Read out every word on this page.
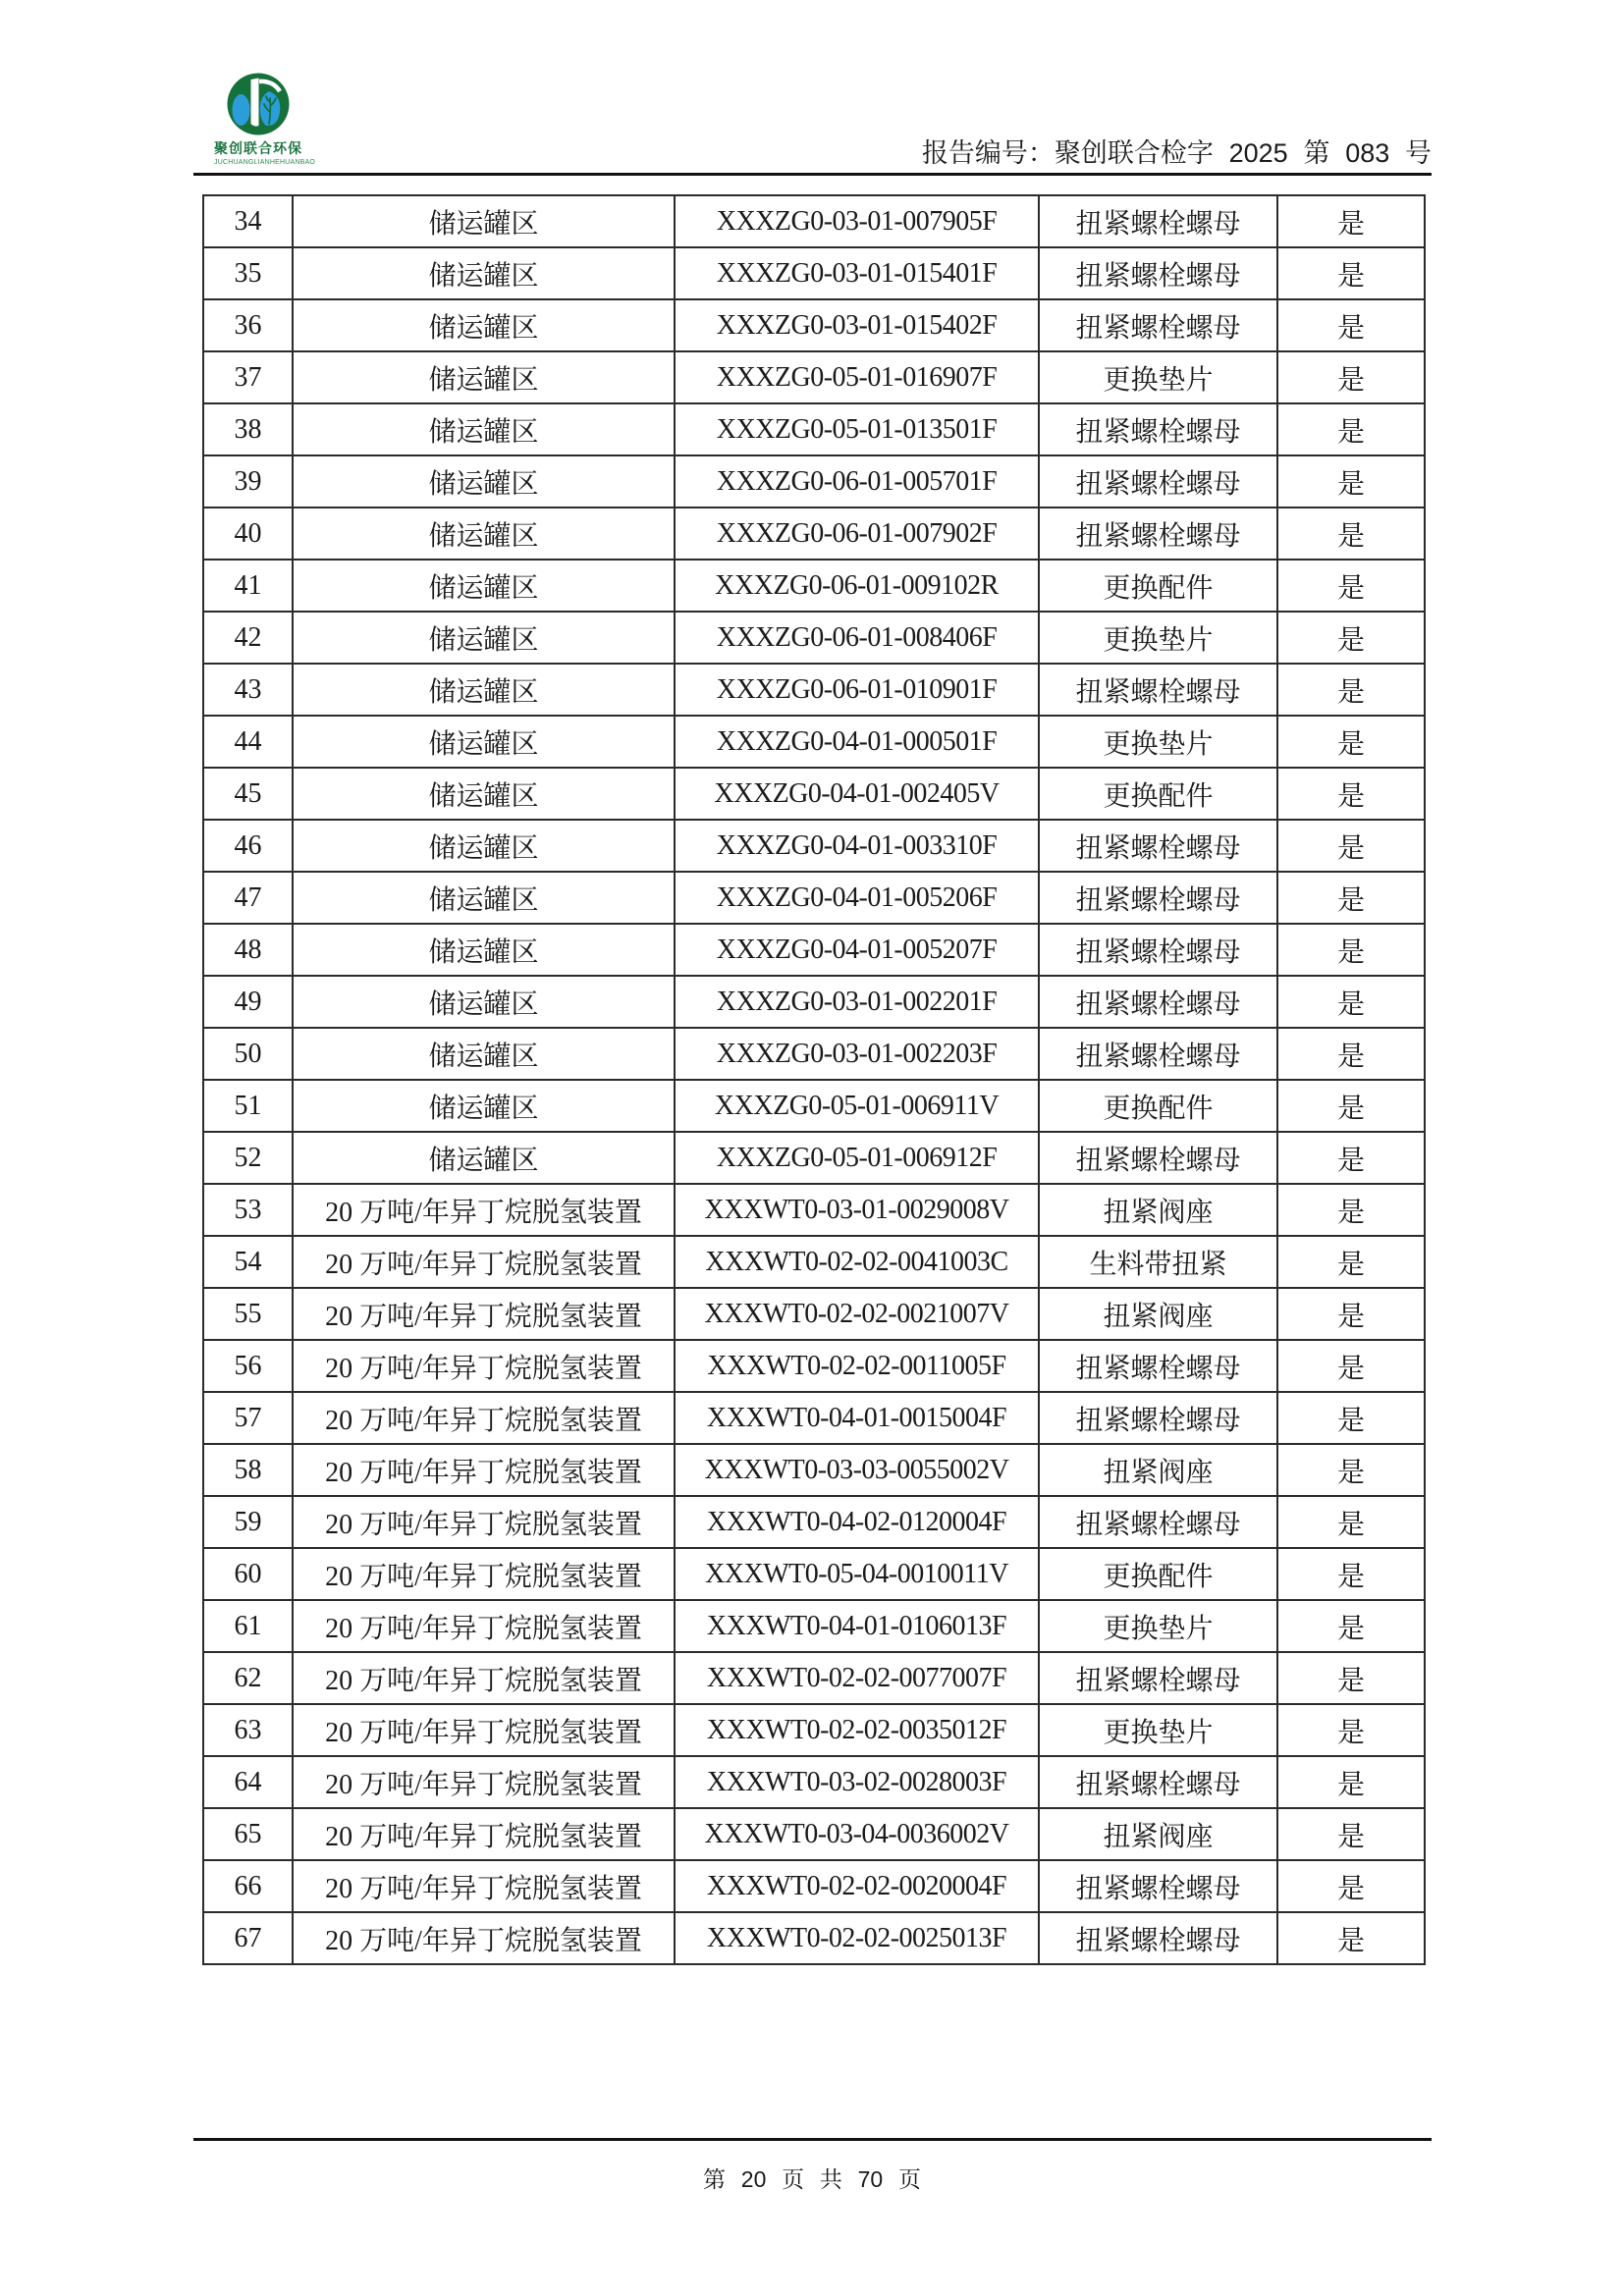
聚创联合环保
JUCHUANGLIANHEHUANBAO	报告编号：聚创联合检字 2025 第 083 号
34	储运罐区	XXXZG0-03-01-007905F	扭紧螺栓螺母	是
35	储运罐区	XXXZG0-03-01-015401F	扭紧螺栓螺母	是
36	储运罐区	XXXZG0-03-01-015402F	扭紧螺栓螺母	是
37	储运罐区	XXXZG0-05-01-016907F	更换垫片	是
38	储运罐区	XXXZG0-05-01-013501F	扭紧螺栓螺母	是
39	储运罐区	XXXZG0-06-01-005701F	扭紧螺栓螺母	是
40	储运罐区	XXXZG0-06-01-007902F	扭紧螺栓螺母	是
41	储运罐区	XXXZG0-06-01-009102R	更换配件	是
42	储运罐区	XXXZG0-06-01-008406F	更换垫片	是
43	储运罐区	XXXZG0-06-01-010901F	扭紧螺栓螺母	是
44	储运罐区	XXXZG0-04-01-000501F	更换垫片	是
45	储运罐区	XXXZG0-04-01-002405V	更换配件	是
46	储运罐区	XXXZG0-04-01-003310F	扭紧螺栓螺母	是
47	储运罐区	XXXZG0-04-01-005206F	扭紧螺栓螺母	是
48	储运罐区	XXXZG0-04-01-005207F	扭紧螺栓螺母	是
49	储运罐区	XXXZG0-03-01-002201F	扭紧螺栓螺母	是
50	储运罐区	XXXZG0-03-01-002203F	扭紧螺栓螺母	是
51	储运罐区	XXXZG0-05-01-006911V	更换配件	是
52	储运罐区	XXXZG0-05-01-006912F	扭紧螺栓螺母	是
53	20 万吨/年异丁烷脱氢装置	XXXWT0-03-01-0029008V	扭紧阀座	是
54	20 万吨/年异丁烷脱氢装置	XXXWT0-02-02-0041003C	生料带扭紧	是
55	20 万吨/年异丁烷脱氢装置	XXXWT0-02-02-0021007V	扭紧阀座	是
56	20 万吨/年异丁烷脱氢装置	XXXWT0-02-02-0011005F	扭紧螺栓螺母	是
57	20 万吨/年异丁烷脱氢装置	XXXWT0-04-01-0015004F	扭紧螺栓螺母	是
58	20 万吨/年异丁烷脱氢装置	XXXWT0-03-03-0055002V	扭紧阀座	是
59	20 万吨/年异丁烷脱氢装置	XXXWT0-04-02-0120004F	扭紧螺栓螺母	是
60	20 万吨/年异丁烷脱氢装置	XXXWT0-05-04-0010011V	更换配件	是
61	20 万吨/年异丁烷脱氢装置	XXXWT0-04-01-0106013F	更换垫片	是
62	20 万吨/年异丁烷脱氢装置	XXXWT0-02-02-0077007F	扭紧螺栓螺母	是
63	20 万吨/年异丁烷脱氢装置	XXXWT0-02-02-0035012F	更换垫片	是
64	20 万吨/年异丁烷脱氢装置	XXXWT0-03-02-0028003F	扭紧螺栓螺母	是
65	20 万吨/年异丁烷脱氢装置	XXXWT0-03-04-0036002V	扭紧阀座	是
66	20 万吨/年异丁烷脱氢装置	XXXWT0-02-02-0020004F	扭紧螺栓螺母	是
67	20 万吨/年异丁烷脱氢装置	XXXWT0-02-02-0025013F	扭紧螺栓螺母	是
第 20 页 共 70 页
